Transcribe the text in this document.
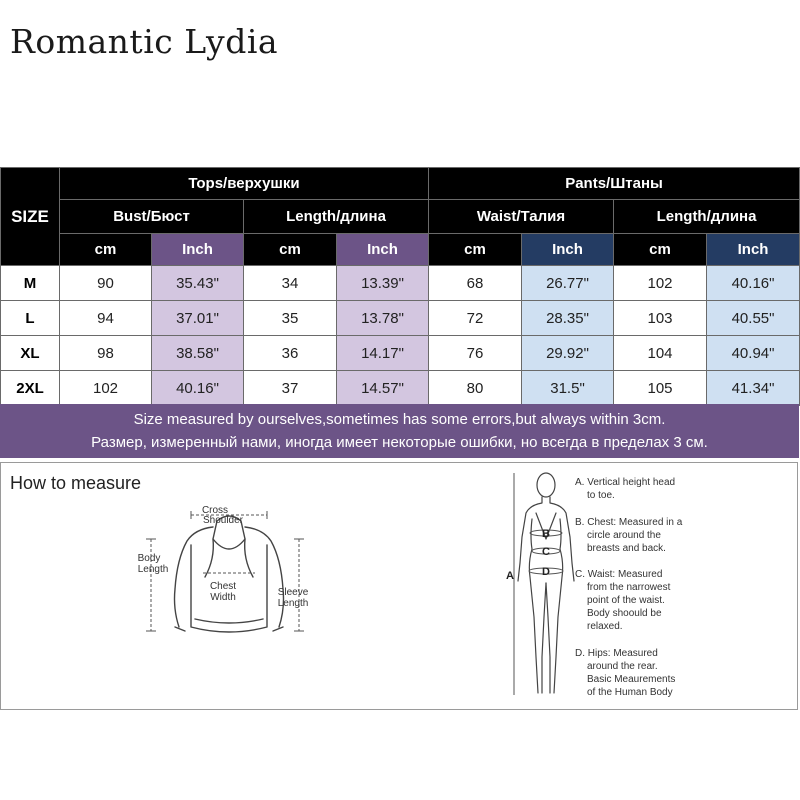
Romantic Lydia
SIZE	Tops/верхушки				Pants/Штаны			
	Bust/Бюст		Length/длина		Waist/Талия		Length/длина	
	cm	Inch	cm	Inch	cm	Inch	cm	Inch
M	90	35.43"	34	13.39"	68	26.77"	102	40.16"
L	94	37.01"	35	13.78"	72	28.35"	103	40.55"
XL	98	38.58"	36	14.17"	76	29.92"	104	40.94"
2XL	102	40.16"	37	14.57"	80	31.5"	105	41.34"
Size measured by ourselves,sometimes has some errors,but always within 3cm.
Размер, измеренный нами, иногда имеет некоторые ошибки, но всегда в пределах 3 см.
How to measure
Cross
Shoulder
Body
Length
Chest
Width	Sleeve
Length
A
B
C
D
A. Vertical height head
to toe.
B. Chest: Measured in a
circle around the
breasts and back.
C. Waist: Measured
from the narrowest
point of the waist.
Body shoould be
relaxed.
D. Hips: Measured
around the rear.
Basic Meaurements
of the Human Body
